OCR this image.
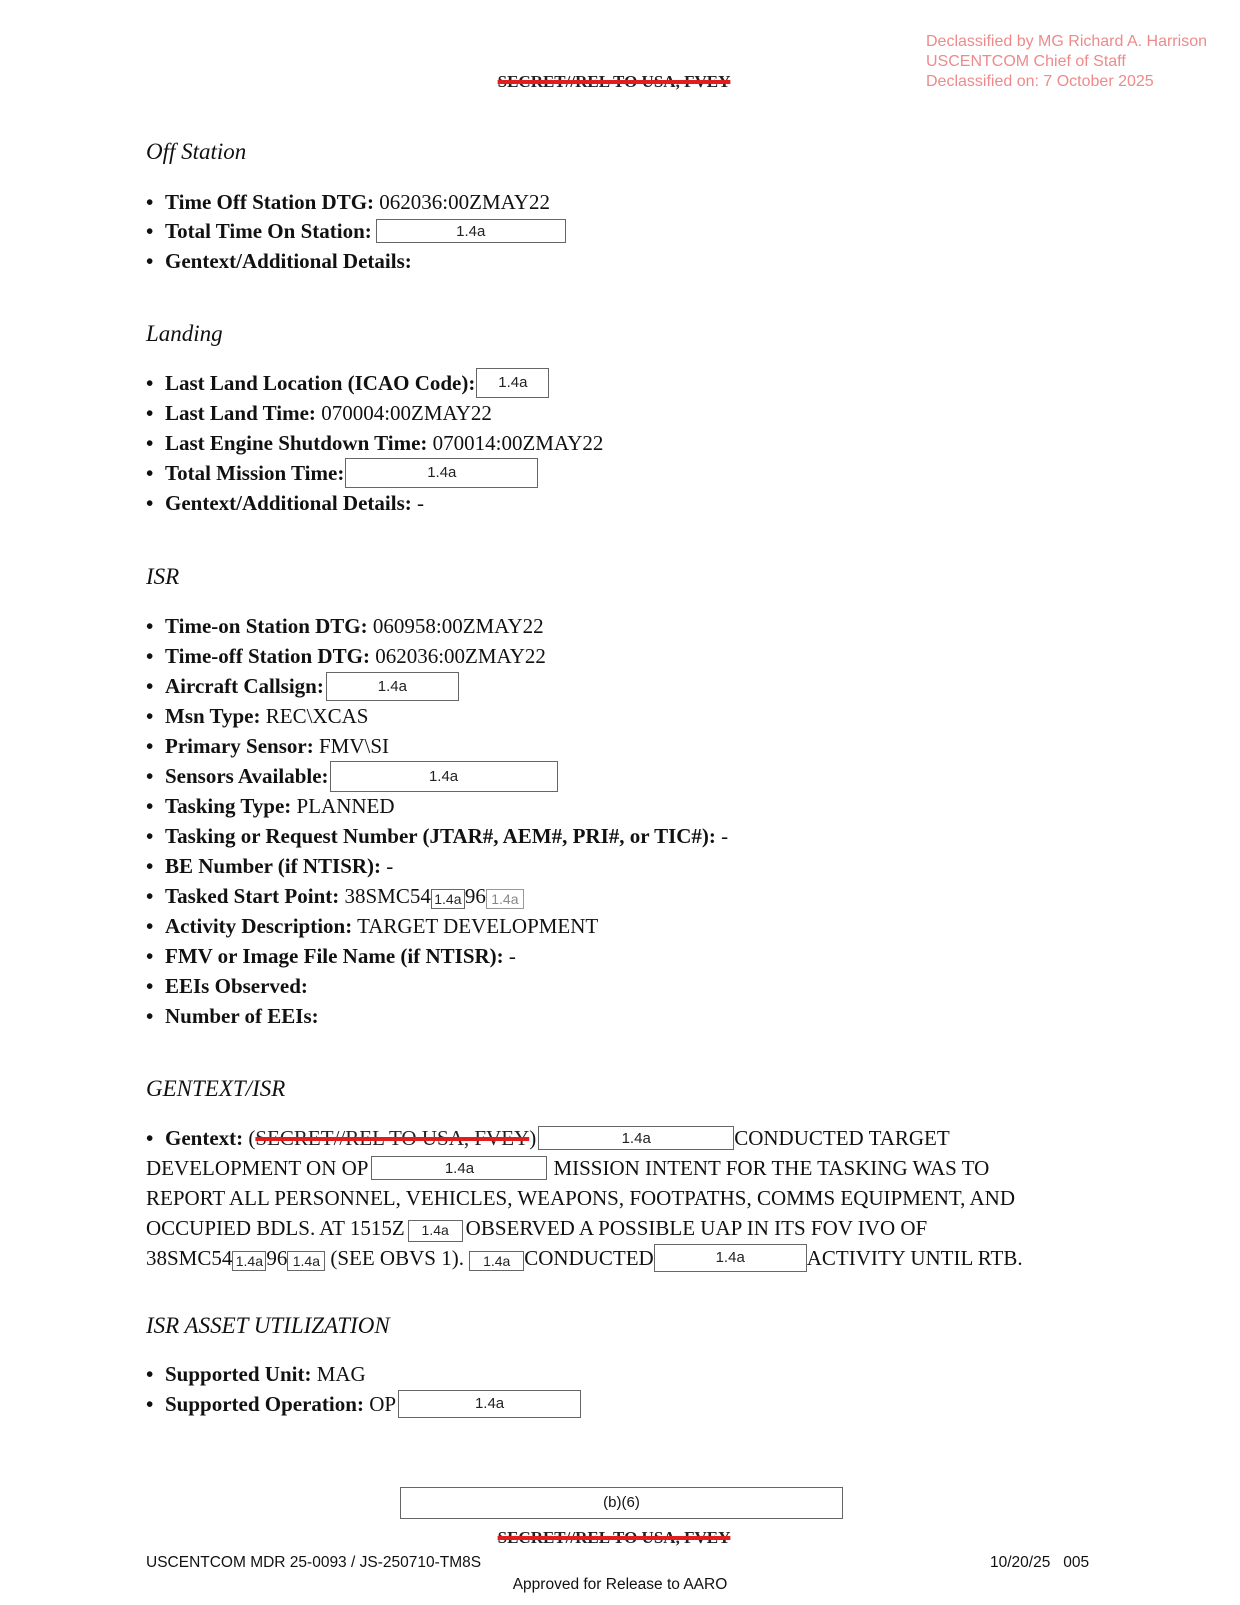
Declassified by MG Richard A. Harrison
USCENTCOM Chief of Staff
Declassified on: 7 October 2025
SECRET//REL TO USA, FVEY
Off Station
• Time Off Station DTG: 062036:00ZMAY22
• Total Time On Station:	1.4a
• Gentext/Additional Details:
Landing
• Last Land Location (ICAO Code): 1.4a
• Last Land Time: 070004:00ZMAY22
• Last Engine Shutdown Time: 070014:00ZMAY22
• Total Mission Time:	1.4a
• Gentext/Additional Details: -
ISR
• Time-on Station DTG: 060958:00ZMAY22
• Time-off Station DTG: 062036:00ZMAY22
• Aircraft Callsign:	1.4a
• Msn Type: REC\XCAS
• Primary Sensor: FMV\SI
• Sensors Available:	1.4a
• Tasking Type: PLANNED
• Tasking or Request Number (JTAR#, AEM#, PRI#, or TIC#): -
• BE Number (if NTISR): -
• Tasked Start Point: 38SMC54 1.4a 96 1.4a
• Activity Description: TARGET DEVELOPMENT
• FMV or Image File Name (if NTISR): -
• EEIs Observed:
• Number of EEIs:
GENTEXT/ISR
• Gentext: (SECRET//REL TO USA, FVEY)	1.4a	CONDUCTED TARGET
DEVELOPMENT ON OP	1.4a	MISSION INTENT FOR THE TASKING WAS TO
REPORT ALL PERSONNEL, VEHICLES, WEAPONS, FOOTPATHS, COMMS EQUIPMENT, AND
OCCUPIED BDLS. AT 1515Z 1.4a OBSERVED A POSSIBLE UAP IN ITS FOV IVO OF
38SMC54 1.4a 96 1.4a (SEE OBVS 1). 1.4a CONDUCTED	1.4a	ACTIVITY UNTIL RTB.
ISR ASSET UTILIZATION
• Supported Unit: MAG
• Supported Operation: OP	1.4a
(b)(6)
SECRET//REL TO USA, FVEY
USCENTCOM MDR 25-0093 / JS-250710-TM8S	10/20/25 005
Approved for Release to AARO
